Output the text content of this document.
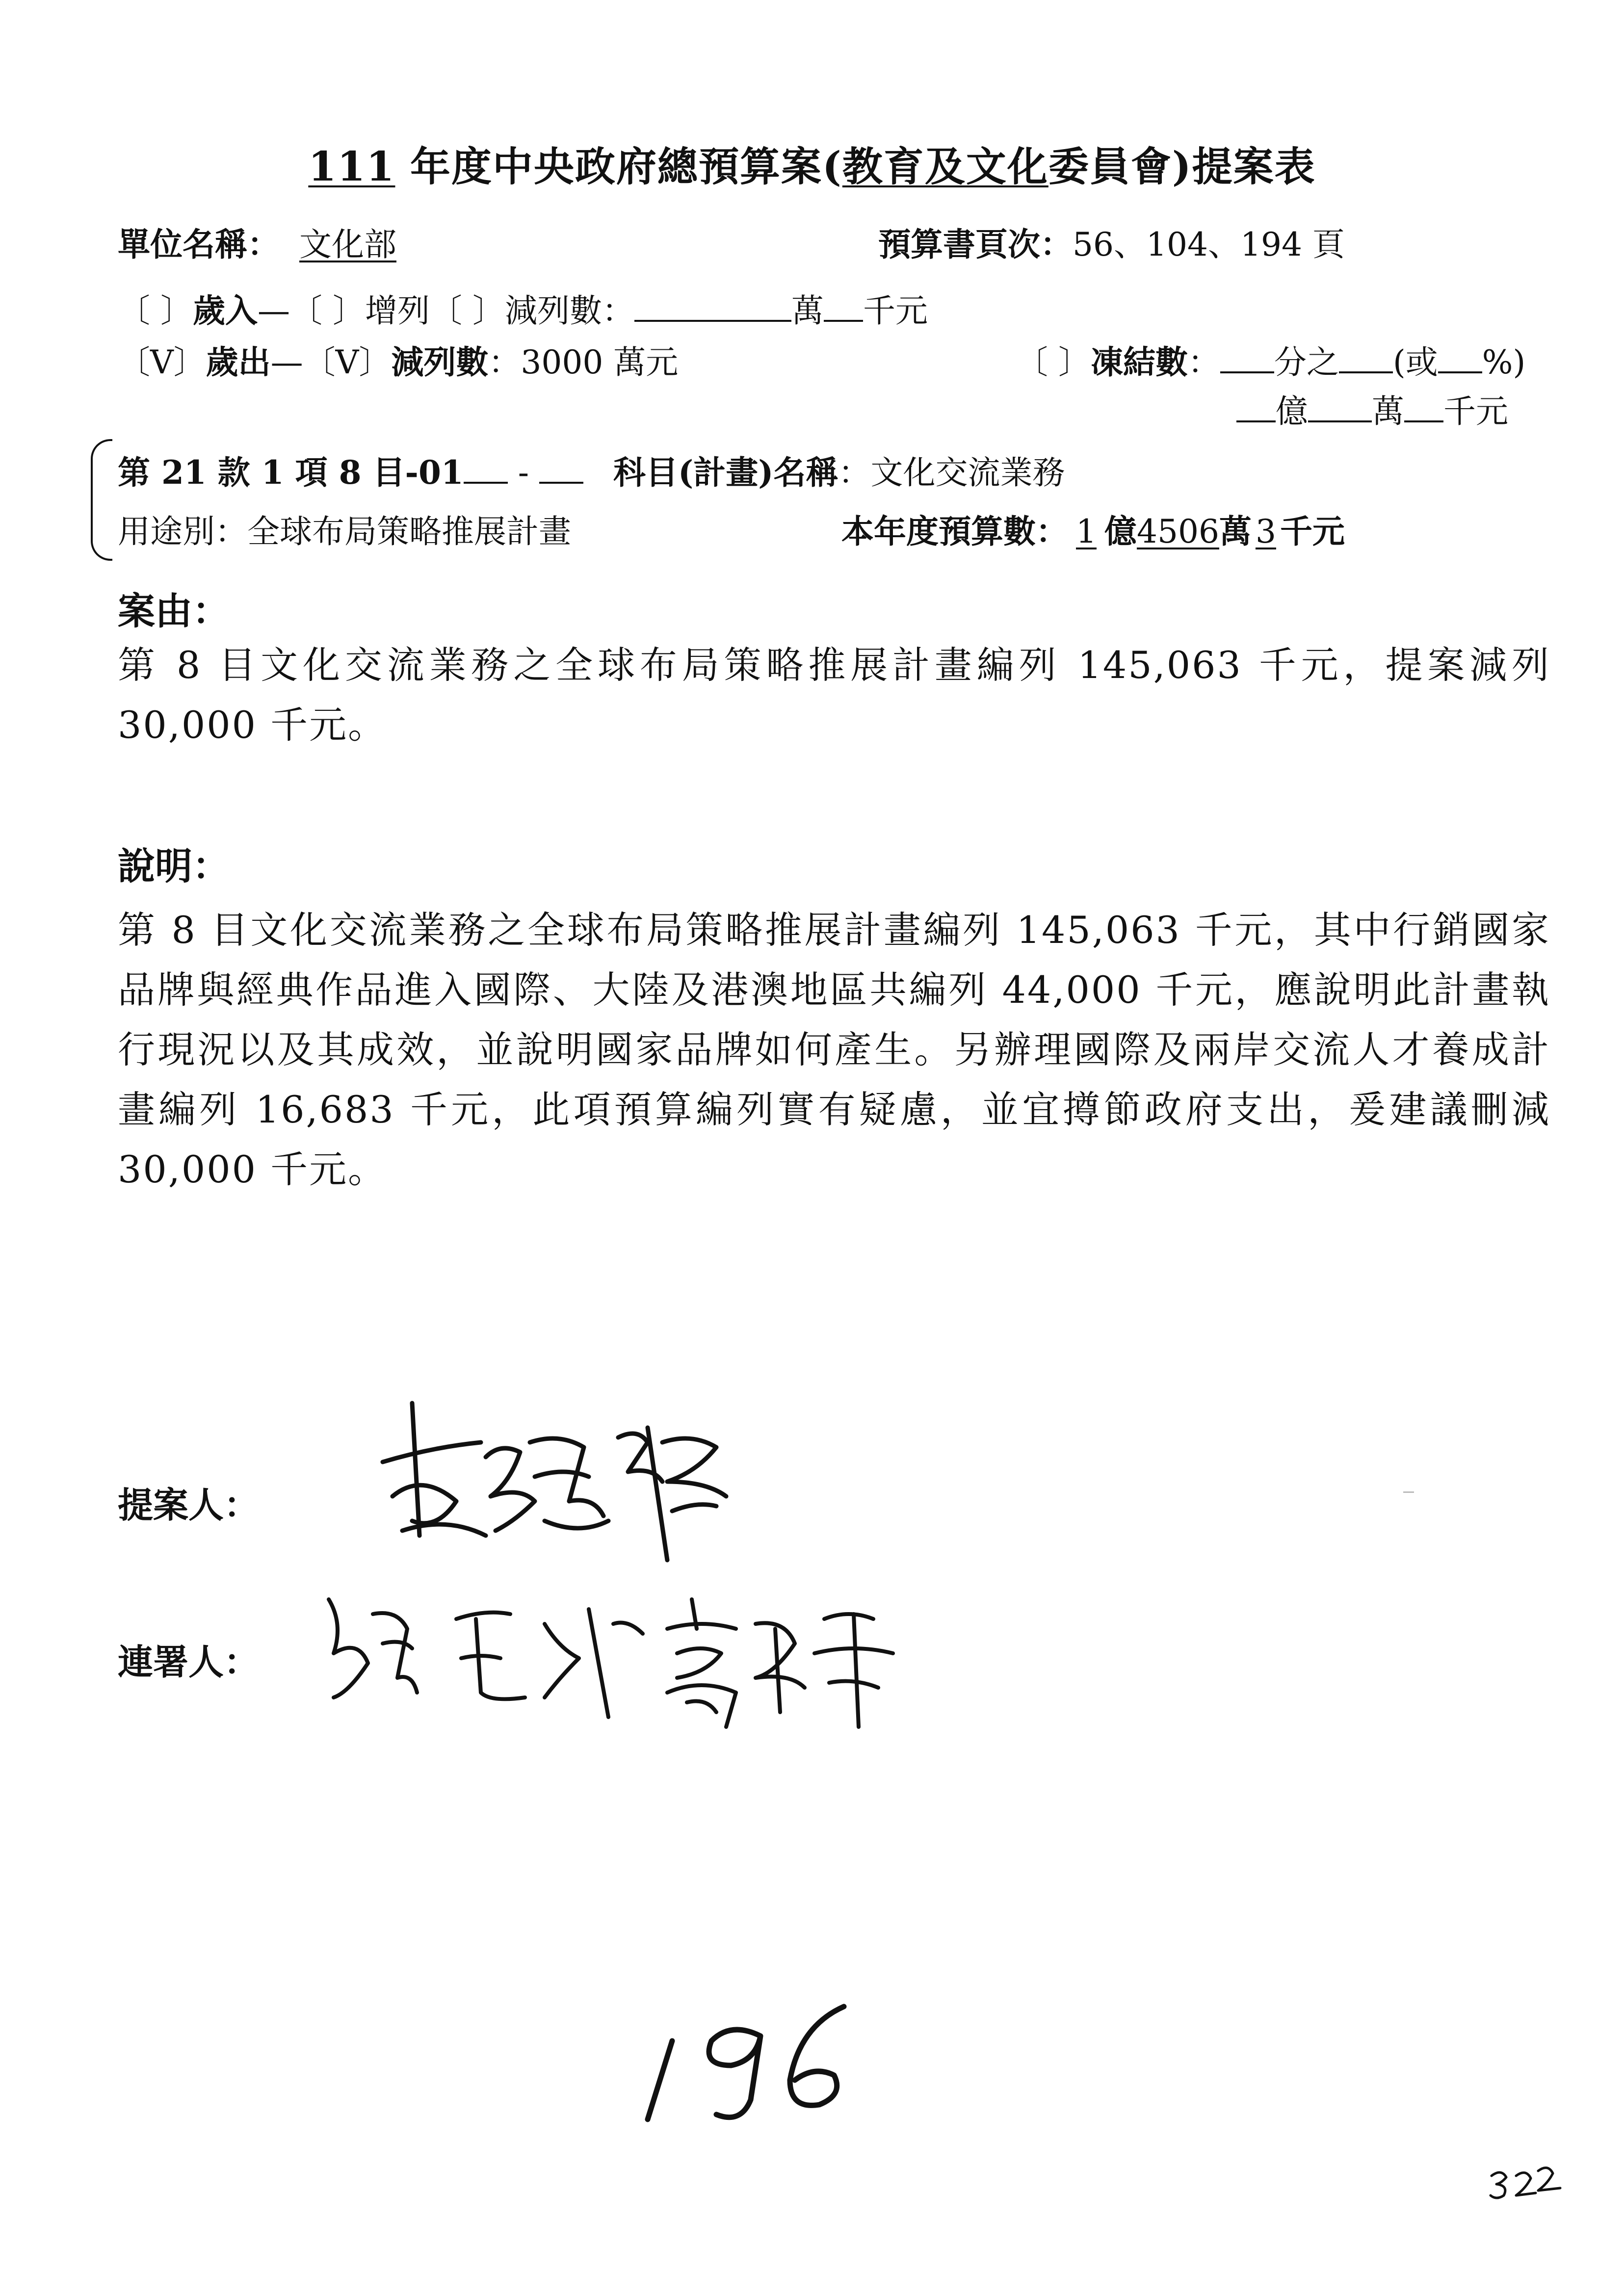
111 年度中央政府總預算案(教育及文化委員會)提案表
單位名稱： 文化部	預算書頁次：56、104、194 頁
〔 〕歲入—〔 〕增列〔 〕減列數：	萬 千元
〔V〕歲出—〔V〕減列數：3000 萬元	〔 〕凍結數： 分之 (或 %)
億 萬 千元
第 21 款 1 項 8 目-01 -	科目(計畫)名稱：文化交流業務
用途別：全球布局策略推展計畫	本年度預算數： 1 億4506萬 3 千元
案由：
第 8 目文化交流業務之全球布局策略推展計畫編列 145,063 千元，提案減列 30,000 千元。
說明：
第 8 目文化交流業務之全球布局策略推展計畫編列 145,063 千元，其中行銷國家品牌與經典作品進入國際、大陸及港澳地區共編列 44,000 千元，應說明此計畫執行現況以及其成效，並說明國家品牌如何產生。另辦理國際及兩岸交流人才養成計畫編列 16,683 千元，此項預算編列實有疑慮，並宜撙節政府支出，爰建議刪減 30,000 千元。
提案人：
連署人：
